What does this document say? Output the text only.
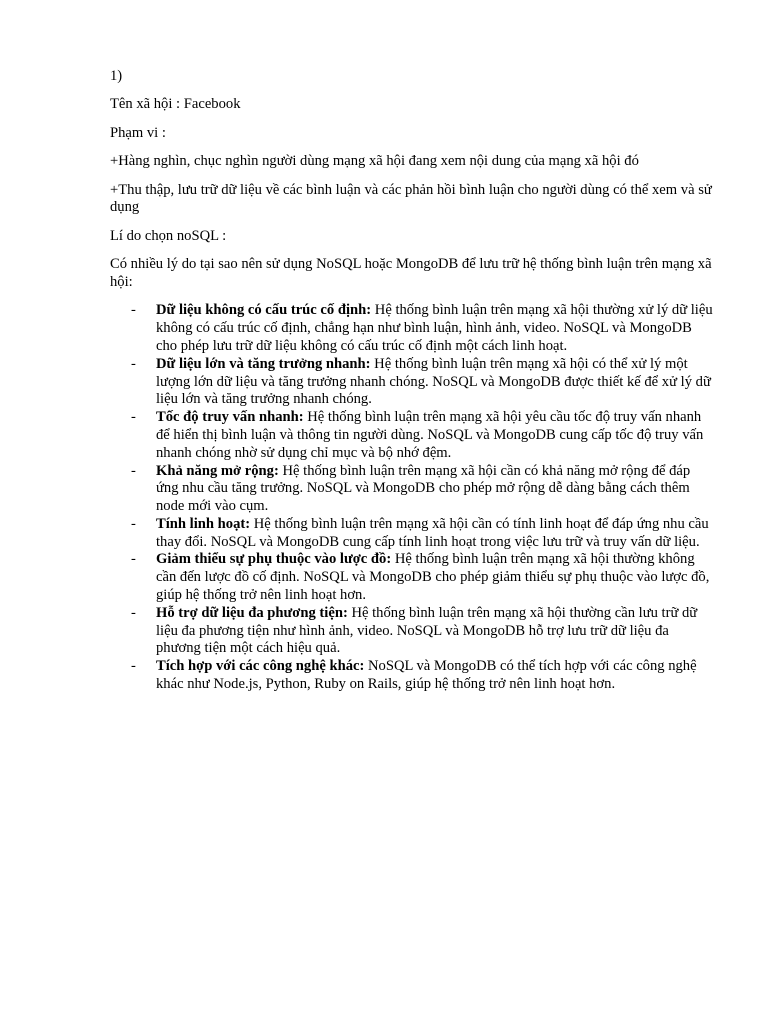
1)

Tên xã hội : Facebook

Phạm vi :

+Hàng nghìn, chục nghìn người dùng mạng xã hội đang xem nội dung của mạng xã hội đó

+Thu thập, lưu trữ dữ liệu về các bình luận và các phản hồi bình luận cho người dùng có thể xem và sử dụng

Lí do chọn noSQL :

Có nhiều lý do tại sao nên sử dụng NoSQL hoặc MongoDB để lưu trữ hệ thống bình luận trên mạng xã hội:

- Dữ liệu không có cấu trúc cố định: Hệ thống bình luận trên mạng xã hội thường xử lý dữ liệu không có cấu trúc cố định, chẳng hạn như bình luận, hình ảnh, video. NoSQL và MongoDB cho phép lưu trữ dữ liệu không có cấu trúc cố định một cách linh hoạt.
- Dữ liệu lớn và tăng trưởng nhanh: Hệ thống bình luận trên mạng xã hội có thể xử lý một lượng lớn dữ liệu và tăng trưởng nhanh chóng. NoSQL và MongoDB được thiết kế để xử lý dữ liệu lớn và tăng trưởng nhanh chóng.
- Tốc độ truy vấn nhanh: Hệ thống bình luận trên mạng xã hội yêu cầu tốc độ truy vấn nhanh để hiển thị bình luận và thông tin người dùng. NoSQL và MongoDB cung cấp tốc độ truy vấn nhanh chóng nhờ sử dụng chỉ mục và bộ nhớ đệm.
- Khả năng mở rộng: Hệ thống bình luận trên mạng xã hội cần có khả năng mở rộng để đáp ứng nhu cầu tăng trưởng. NoSQL và MongoDB cho phép mở rộng dễ dàng bằng cách thêm node mới vào cụm.
- Tính linh hoạt: Hệ thống bình luận trên mạng xã hội cần có tính linh hoạt để đáp ứng nhu cầu thay đổi. NoSQL và MongoDB cung cấp tính linh hoạt trong việc lưu trữ và truy vấn dữ liệu.
- Giảm thiểu sự phụ thuộc vào lược đồ: Hệ thống bình luận trên mạng xã hội thường không cần đến lược đồ cố định. NoSQL và MongoDB cho phép giảm thiểu sự phụ thuộc vào lược đồ, giúp hệ thống trở nên linh hoạt hơn.
- Hỗ trợ dữ liệu đa phương tiện: Hệ thống bình luận trên mạng xã hội thường cần lưu trữ dữ liệu đa phương tiện như hình ảnh, video. NoSQL và MongoDB hỗ trợ lưu trữ dữ liệu đa phương tiện một cách hiệu quả.
- Tích hợp với các công nghệ khác: NoSQL và MongoDB có thể tích hợp với các công nghệ khác như Node.js, Python, Ruby on Rails, giúp hệ thống trở nên linh hoạt hơn.
